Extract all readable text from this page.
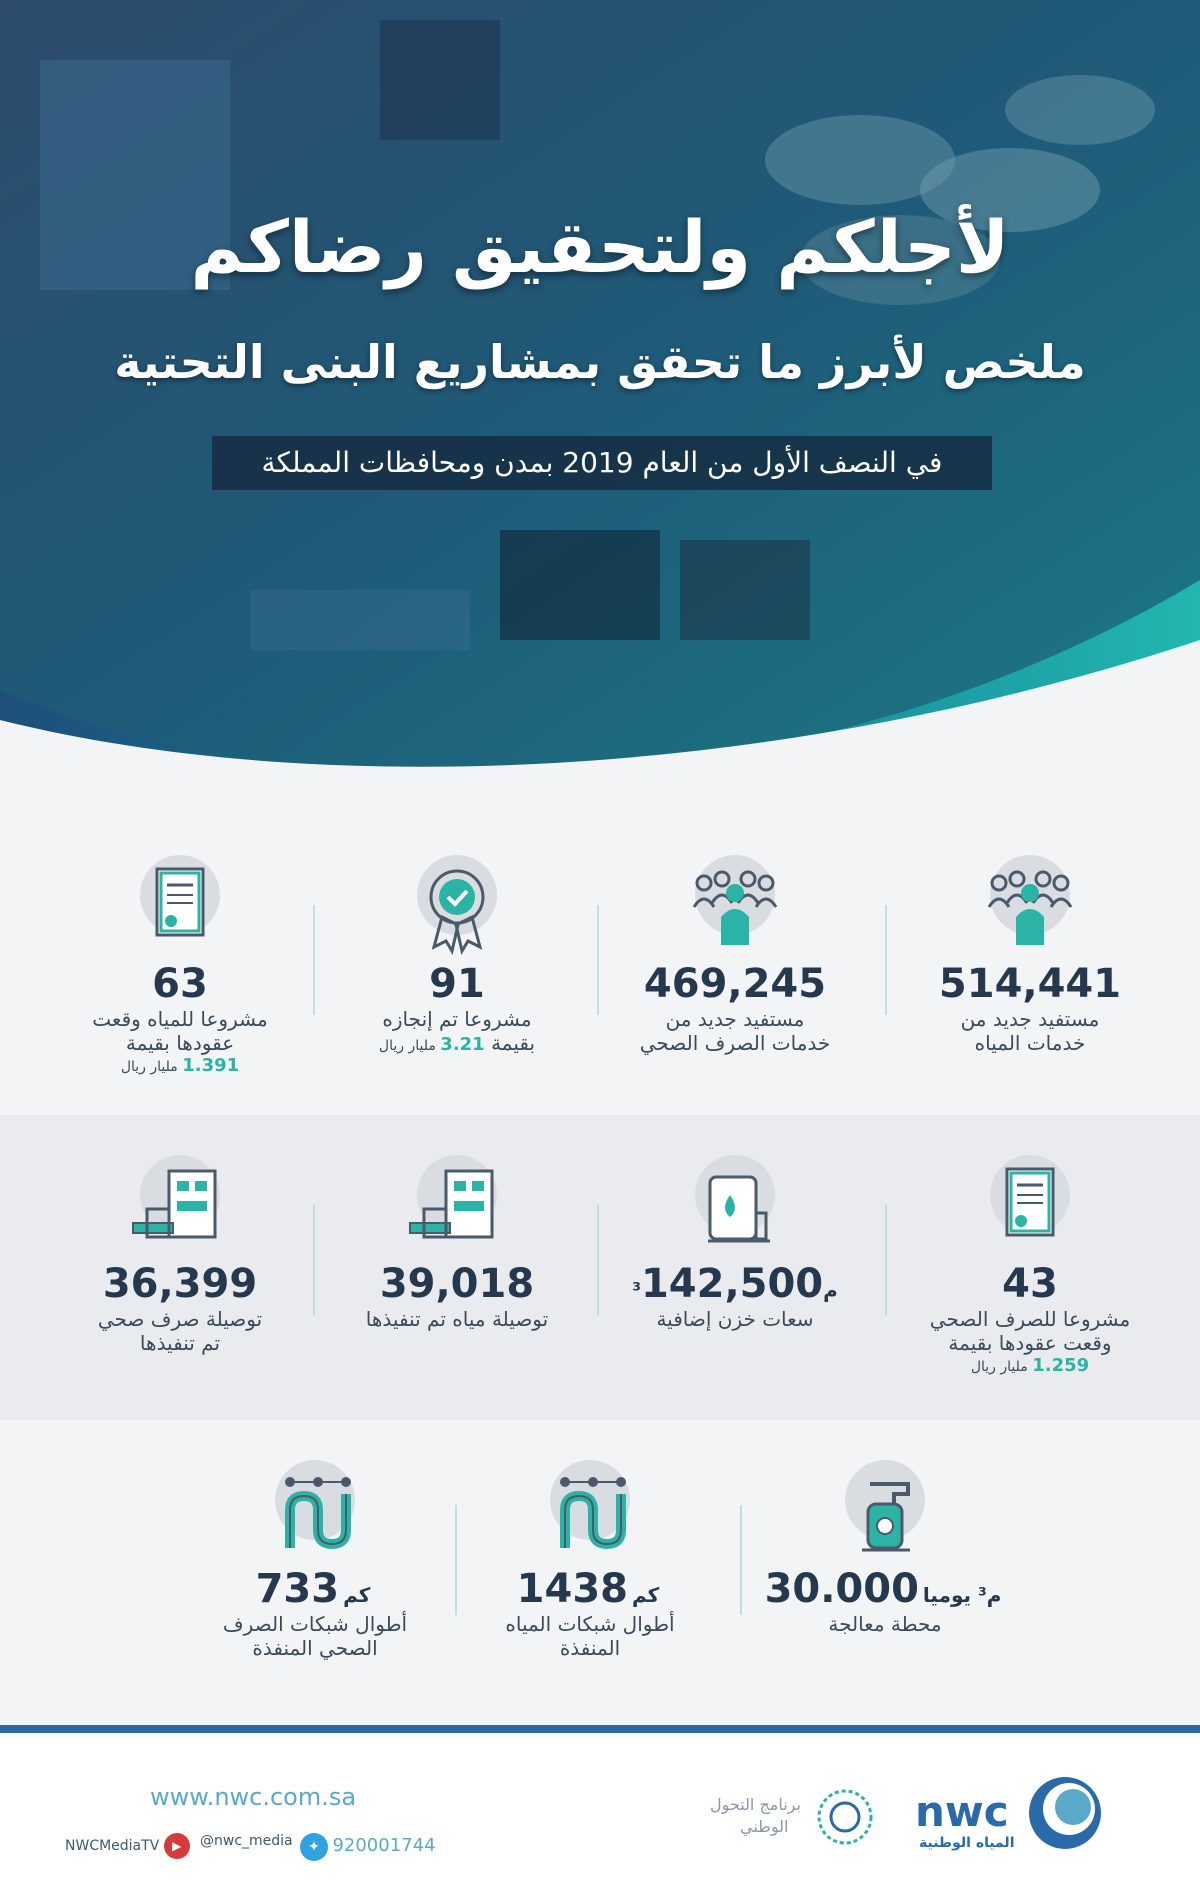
لأجلكم ولتحقيق رضاكم
ملخص لأبرز ما تحقق بمشاريع البنى التحتية
في النصف الأول من العام 2019 بمدن ومحافظات المملكة
514,441
مستفيد جديد من
خدمات المياه
469,245
مستفيد جديد من
خدمات الصرف الصحي
91
مشروعا تم إنجازه
بقيمة 3.21 مليار ريال
63
مشروعا للمياه وقعت
عقودها بقيمة
1.391 مليار ريال
43
مشروعا للصرف الصحي
وقعت عقودها بقيمة
1.259 مليار ريال
م³142,500
سعات خزن إضافية
39,018
توصيلة مياه تم تنفيذها
36,399
توصيلة صرف صحي
تم تنفيذها
م³ يوميا30.000
محطة معالجة
كم1438
أطوال شبكات المياه
المنفذة
كم733
أطوال شبكات الصرف
الصحي المنفذة
www.nwc.com.sa
NWCMediaTV ▶	@nwc_media	✦ 920001744
برنامج التحول
الوطني	nwc
المياه الوطنية
